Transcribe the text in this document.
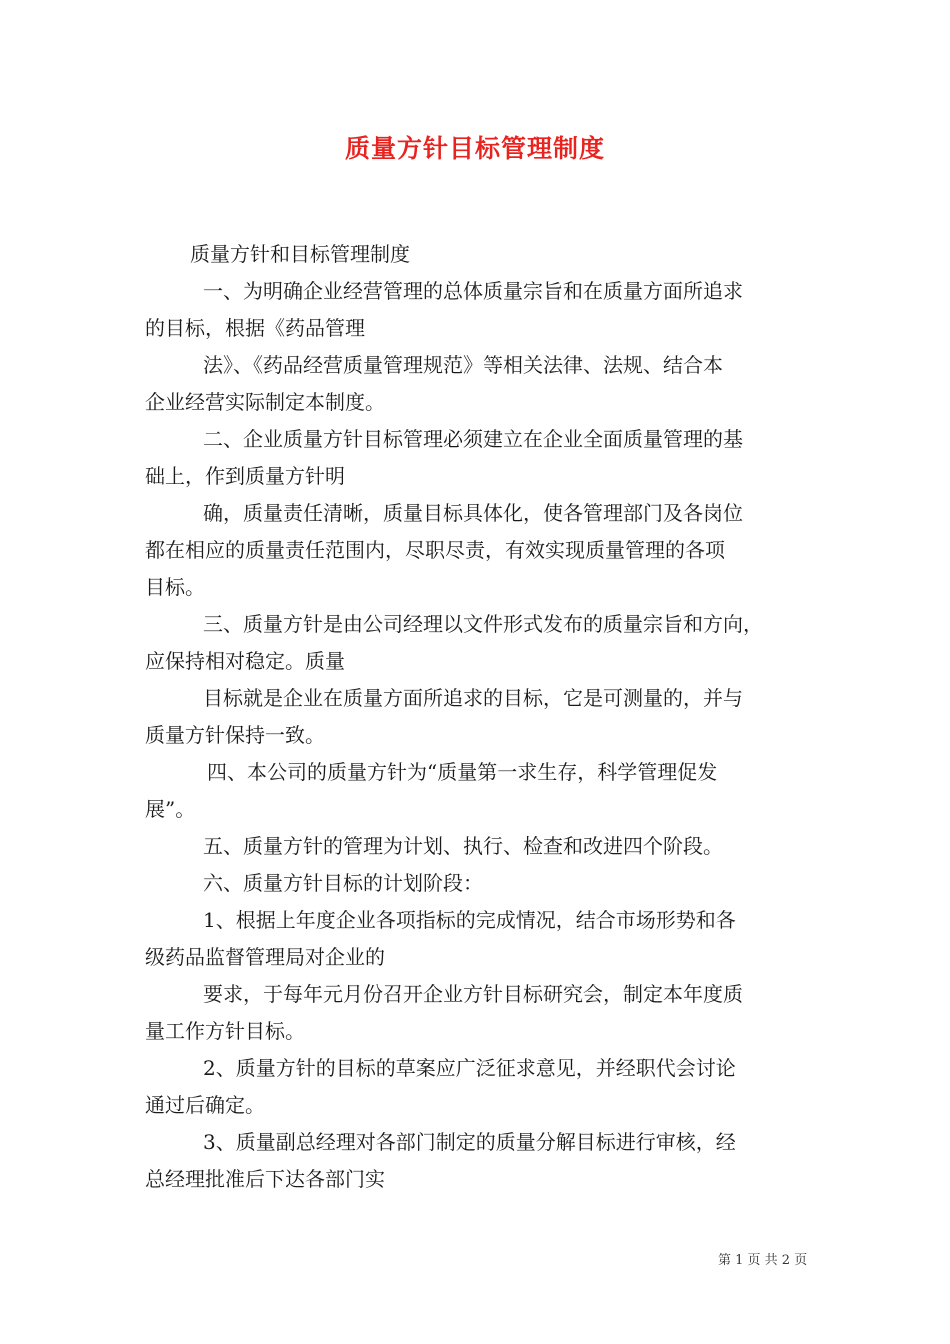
质量方针目标管理制度
质量方针和目标管理制度
一、为明确企业经营管理的总体质量宗旨和在质量方面所追求
的目标，根据《药品管理
法》、《药品经营质量管理规范》等相关法律、法规、结合本
企业经营实际制定本制度。
二、企业质量方针目标管理必须建立在企业全面质量管理的基
础上，作到质量方针明
确，质量责任清晰，质量目标具体化，使各管理部门及各岗位
都在相应的质量责任范围内，尽职尽责，有效实现质量管理的各项
目标。
三、质量方针是由公司经理以文件形式发布的质量宗旨和方向，
应保持相对稳定。质量
目标就是企业在质量方面所追求的目标，它是可测量的，并与
质量方针保持一致。
四、本公司的质量方针为“质量第一求生存，科学管理促发
展”。
五、质量方针的管理为计划、执行、检查和改进四个阶段。
六、质量方针目标的计划阶段：
1、根据上年度企业各项指标的完成情况，结合市场形势和各
级药品监督管理局对企业的
要求，于每年元月份召开企业方针目标研究会，制定本年度质
量工作方针目标。
2、质量方针的目标的草案应广泛征求意见，并经职代会讨论
通过后确定。
3、质量副总经理对各部门制定的质量分解目标进行审核，经
总经理批准后下达各部门实
第 1 页 共 2 页
